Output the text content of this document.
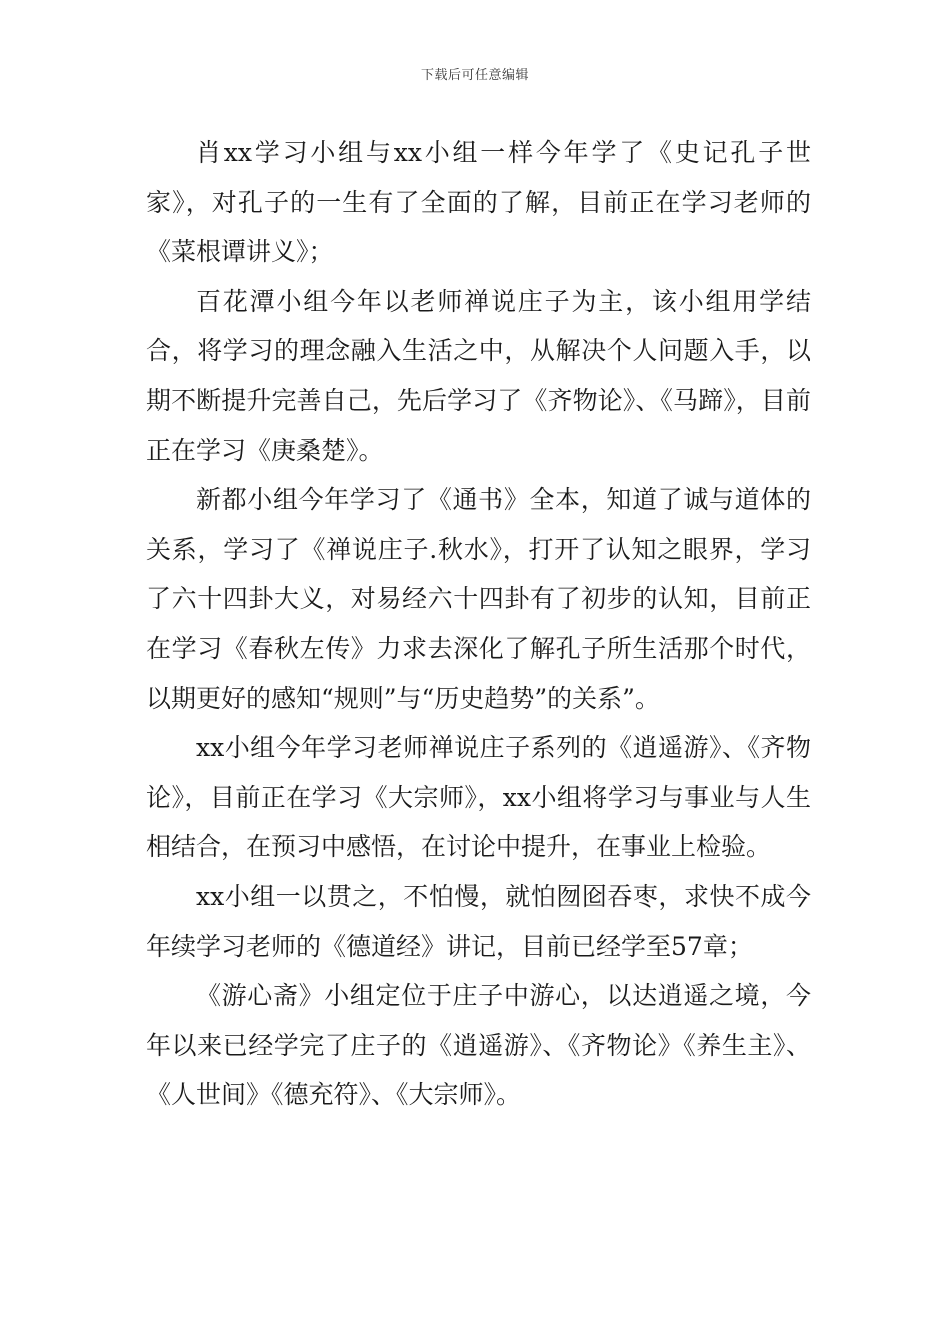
下载后可任意编辑

肖xx学习小组与xx小组一样今年学了《史记孔子世家》，对孔子的一生有了全面的了解，目前正在学习老师的《菜根谭讲义》；

百花潭小组今年以老师禅说庄子为主，该小组用学结合，将学习的理念融入生活之中，从解决个人问题入手，以期不断提升完善自己，先后学习了《齐物论》、《马蹄》，目前正在学习《庚桑楚》。

新都小组今年学习了《通书》全本，知道了诚与道体的关系，学习了《禅说庄子.秋水》，打开了认知之眼界，学习了六十四卦大义，对易经六十四卦有了初步的认知，目前正在学习《春秋左传》力求去深化了解孔子所生活那个时代，以期更好的感知“规则”与“历史趋势”的关系”。

xx小组今年学习老师禅说庄子系列的《逍遥游》、《齐物论》，目前正在学习《大宗师》，xx小组将学习与事业与人生相结合，在预习中感悟，在讨论中提升，在事业上检验。

xx小组一以贯之，不怕慢，就怕囫囵吞枣，求快不成今年续学习老师的《德道经》讲记，目前已经学至57章；

《游心斋》小组定位于庄子中游心，以达逍遥之境，今年以来已经学完了庄子的《逍遥游》、《齐物论》《养生主》、《人世间》《德充符》、《大宗师》。
